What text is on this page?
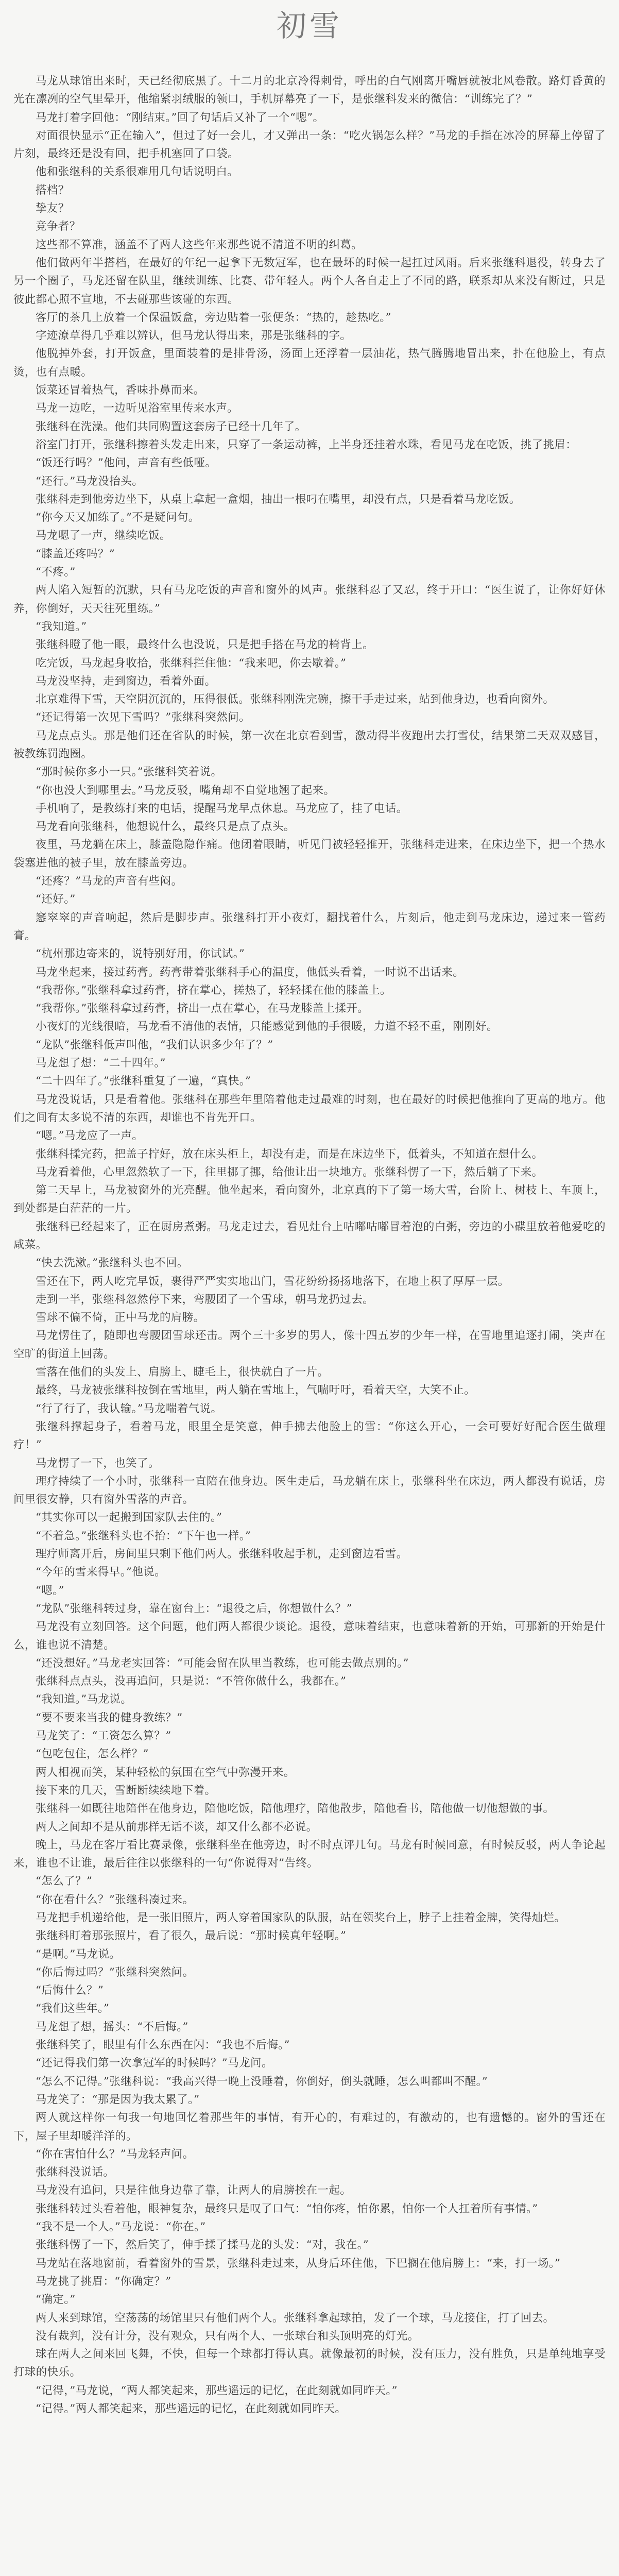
初雪

马龙从球馆出来时，天已经彻底黑了。十二月的北京冷得刺骨，呼出的白气刚离开嘴唇就被北风卷散。路灯昏黄的光在凛冽的空气里晕开，他缩紧羽绒服的领口，手机屏幕亮了一下，是张继科发来的微信：“训练完了？”

马龙打着字回他：“刚结束。”回了句话后又补了一个“嗯”。

对面很快显示“正在输入”，但过了好一会儿，才又弹出一条：“吃火锅怎么样？”马龙的手指在冰冷的屏幕上停留了片刻，最终还是没有回，把手机塞回了口袋。

他和张继科的关系很难用几句话说明白。

搭档？

挚友？

竞争者？

这些都不算准，涵盖不了两人这些年来那些说不清道不明的纠葛。

他们做两年半搭档，在最好的年纪一起拿下无数冠军，也在最坏的时候一起扛过风雨。后来张继科退役，转身去了另一个圈子，马龙还留在队里，继续训练、比赛、带年轻人。两个人各自走上了不同的路，联系却从来没有断过，只是彼此都心照不宣地，不去碰那些该碰的东西。

客厅的茶几上放着一个保温饭盒，旁边贴着一张便条：“热的，趁热吃。”

字迹潦草得几乎难以辨认，但马龙认得出来，那是张继科的字。

他脱掉外套，打开饭盒，里面装着的是排骨汤，汤面上还浮着一层油花，热气腾腾地冒出来，扑在他脸上，有点烫，也有点暖。

饭菜还冒着热气，香味扑鼻而来。

马龙一边吃，一边听见浴室里传来水声。

张继科在洗澡。他们共同购置这套房子已经十几年了。

浴室门打开，张继科擦着头发走出来，只穿了一条运动裤，上半身还挂着水珠，看见马龙在吃饭，挑了挑眉：

“饭还行吗？”他问，声音有些低哑。

“还行。”马龙没抬头。

张继科走到他旁边坐下，从桌上拿起一盒烟，抽出一根叼在嘴里，却没有点，只是看着马龙吃饭。

“你今天又加练了。”不是疑问句。

马龙嗯了一声，继续吃饭。

“膝盖还疼吗？”

“不疼。”

两人陷入短暂的沉默，只有马龙吃饭的声音和窗外的风声。张继科忍了又忍，终于开口：“医生说了，让你好好休养，你倒好，天天往死里练。”

“我知道。”

张继科瞪了他一眼，最终什么也没说，只是把手搭在马龙的椅背上。

吃完饭，马龙起身收拾，张继科拦住他：“我来吧，你去歇着。”

马龙没坚持，走到窗边，看着外面。

北京难得下雪，天空阴沉沉的，压得很低。张继科刚洗完碗，擦干手走过来，站到他身边，也看向窗外。

“还记得第一次见下雪吗？”张继科突然问。

马龙点点头。那是他们还在省队的时候，第一次在北京看到雪，激动得半夜跑出去打雪仗，结果第二天双双感冒，被教练罚跑圈。

“那时候你多小一只。”张继科笑着说。

“你也没大到哪里去。”马龙反驳，嘴角却不自觉地翘了起来。

手机响了，是教练打来的电话，提醒马龙早点休息。马龙应了，挂了电话。

马龙看向张继科，他想说什么，最终只是点了点头。

夜里，马龙躺在床上，膝盖隐隐作痛。他闭着眼睛，听见门被轻轻推开，张继科走进来，在床边坐下，把一个热水袋塞进他的被子里，放在膝盖旁边。

“还疼？”马龙的声音有些闷。

“还好。”

窸窣窣的声音响起，然后是脚步声。张继科打开小夜灯，翻找着什么，片刻后，他走到马龙床边，递过来一管药膏。

“杭州那边寄来的，说特别好用，你试试。”

马龙坐起来，接过药膏。药膏带着张继科手心的温度，他低头看着，一时说不出话来。

“我帮你。”张继科拿过药膏，挤在掌心，搓热了，轻轻揉在他的膝盖上。

“我帮你。”张继科拿过药膏，挤出一点在掌心，在马龙膝盖上揉开。

小夜灯的光线很暗，马龙看不清他的表情，只能感觉到他的手很暖，力道不轻不重，刚刚好。

“龙队”张继科低声叫他，“我们认识多少年了？”

马龙想了想：“二十四年。”

“二十四年了。”张继科重复了一遍，“真快。”

马龙没说话，只是看着他。张继科在那些年里陪着他走过最难的时刻，也在最好的时候把他推向了更高的地方。他们之间有太多说不清的东西，却谁也不肯先开口。

“嗯。”马龙应了一声。

张继科揉完药，把盖子拧好，放在床头柜上，却没有走，而是在床边坐下，低着头，不知道在想什么。

马龙看着他，心里忽然软了一下，往里挪了挪，给他让出一块地方。张继科愣了一下，然后躺了下来。

第二天早上，马龙被窗外的光亮醒。他坐起来，看向窗外，北京真的下了第一场大雪，台阶上、树枝上、车顶上，到处都是白茫茫的一片。

张继科已经起来了，正在厨房煮粥。马龙走过去，看见灶台上咕嘟咕嘟冒着泡的白粥，旁边的小碟里放着他爱吃的咸菜。

“快去洗漱。”张继科头也不回。

雪还在下，两人吃完早饭，裹得严严实实地出门，雪花纷纷扬扬地落下，在地上积了厚厚一层。

走到一半，张继科忽然停下来，弯腰团了一个雪球，朝马龙扔过去。

雪球不偏不倚，正中马龙的肩膀。

马龙愣住了，随即也弯腰团雪球还击。两个三十多岁的男人，像十四五岁的少年一样，在雪地里追逐打闹，笑声在空旷的街道上回荡。

雪落在他们的头发上、肩膀上、睫毛上，很快就白了一片。

最终，马龙被张继科按倒在雪地里，两人躺在雪地上，气喘吁吁，看着天空，大笑不止。

“行了行了，我认输。”马龙喘着气说。

张继科撑起身子，看着马龙，眼里全是笑意，伸手拂去他脸上的雪：“你这么开心，一会可要好好配合医生做理疗！”

马龙愣了一下，也笑了。

理疗持续了一个小时，张继科一直陪在他身边。医生走后，马龙躺在床上，张继科坐在床边，两人都没有说话，房间里很安静，只有窗外雪落的声音。

“其实你可以一起搬到国家队去住的。”

“不着急。”张继科头也不抬：“下午也一样。”

理疗师离开后，房间里只剩下他们两人。张继科收起手机，走到窗边看雪。

“今年的雪来得早。”他说。

“嗯。”

“龙队”张继科转过身，靠在窗台上：“退役之后，你想做什么？”

马龙没有立刻回答。这个问题，他们两人都很少谈论。退役，意味着结束，也意味着新的开始，可那新的开始是什么，谁也说不清楚。

“还没想好。”马龙老实回答：“可能会留在队里当教练，也可能去做点别的。”

张继科点点头，没再追问，只是说：“不管你做什么，我都在。”

“我知道。”马龙说。

“要不要来当我的健身教练？”

马龙笑了：“工资怎么算？”

“包吃包住，怎么样？”

两人相视而笑，某种轻松的氛围在空气中弥漫开来。

接下来的几天，雪断断续续地下着。

张继科一如既往地陪伴在他身边，陪他吃饭，陪他理疗，陪他散步，陪他看书，陪他做一切他想做的事。

两人之间却不是从前那样无话不谈，却又什么都不必说。

晚上，马龙在客厅看比赛录像，张继科坐在他旁边，时不时点评几句。马龙有时候同意，有时候反驳，两人争论起来，谁也不让谁，最后往往以张继科的一句“你说得对”告终。

“怎么了？”

“你在看什么？”张继科凑过来。

马龙把手机递给他，是一张旧照片，两人穿着国家队的队服，站在领奖台上，脖子上挂着金牌，笑得灿烂。

张继科盯着那张照片，看了很久，最后说：“那时候真年轻啊。”

“是啊。”马龙说。

“你后悔过吗？”张继科突然问。

“后悔什么？”

“我们这些年。”

马龙想了想，摇头：“不后悔。”

张继科笑了，眼里有什么东西在闪：“我也不后悔。”

“还记得我们第一次拿冠军的时候吗？”马龙问。

“怎么不记得。”张继科说：“我高兴得一晚上没睡着，你倒好，倒头就睡，怎么叫都叫不醒。”

马龙笑了：“那是因为我太累了。”

两人就这样你一句我一句地回忆着那些年的事情，有开心的，有难过的，有激动的，也有遗憾的。窗外的雪还在下，屋子里却暖洋洋的。

“你在害怕什么？”马龙轻声问。

张继科没说话。

马龙没有追问，只是往他身边靠了靠，让两人的肩膀挨在一起。

张继科转过头看着他，眼神复杂，最终只是叹了口气：“怕你疼，怕你累，怕你一个人扛着所有事情。”

“我不是一个人。”马龙说：“你在。”

张继科愣了一下，然后笑了，伸手揉了揉马龙的头发：“对，我在。”

马龙站在落地窗前，看着窗外的雪景，张继科走过来，从身后环住他，下巴搁在他肩膀上：“来，打一场。”

马龙挑了挑眉：“你确定？”

“确定。”

两人来到球馆，空荡荡的场馆里只有他们两个人。张继科拿起球拍，发了一个球，马龙接住，打了回去。

没有裁判，没有计分，没有观众，只有两个人、一张球台和头顶明亮的灯光。

球在两人之间来回飞舞，不快，但每一个球都打得认真。就像最初的时候，没有压力，没有胜负，只是单纯地享受打球的快乐。

“记得，”马龙说，“两人都笑起来，那些遥远的记忆，在此刻就如同昨天。”

“记得。”两人都笑起来，那些遥远的记忆，在此刻就如同昨天。
